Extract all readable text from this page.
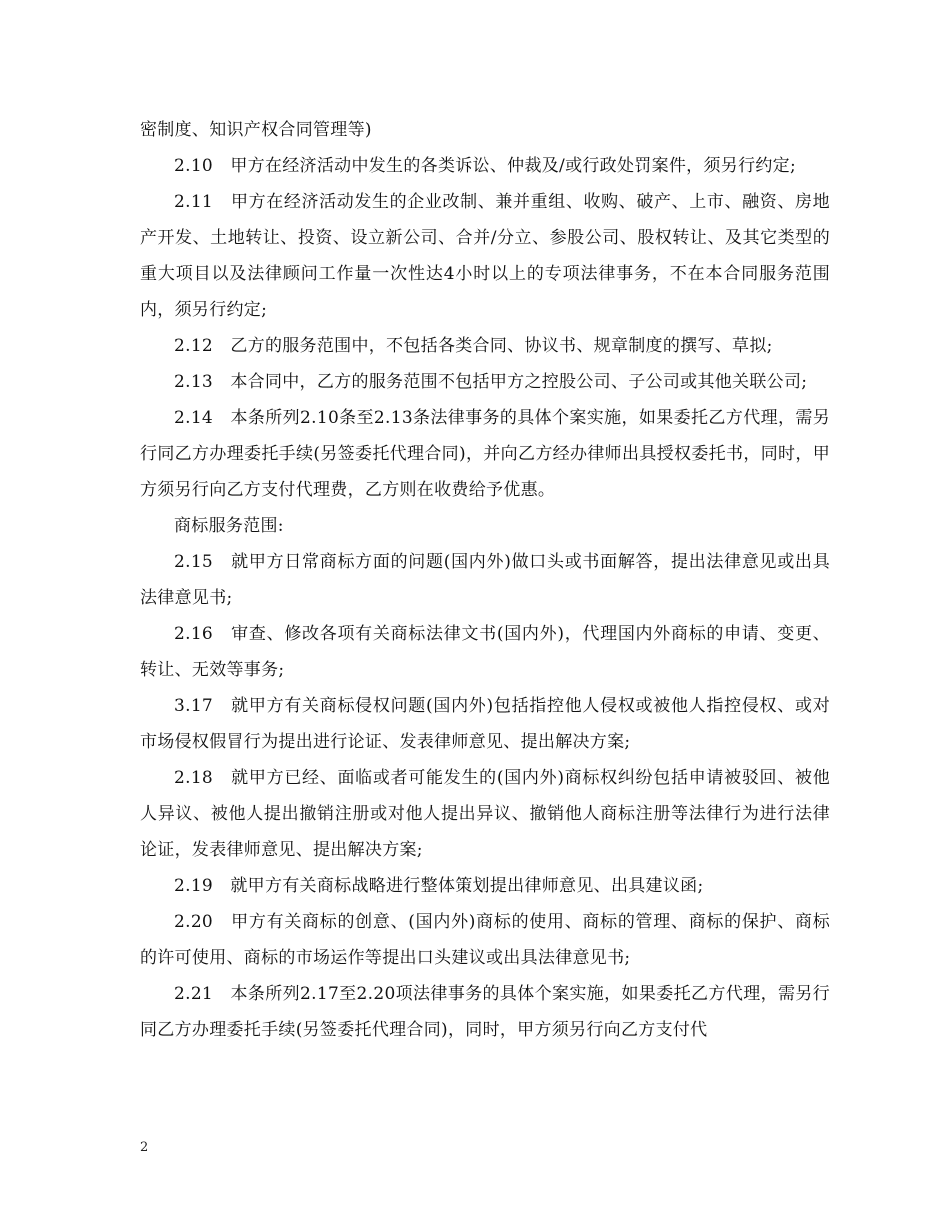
密制度、知识产权合同管理等)

2.10　甲方在经济活动中发生的各类诉讼、仲裁及/或行政处罚案件，须另行约定;

2.11　甲方在经济活动发生的企业改制、兼并重组、收购、破产、上市、融资、房地产开发、土地转让、投资、设立新公司、合并/分立、参股公司、股权转让、及其它类型的重大项目以及法律顾问工作量一次性达4小时以上的专项法律事务，不在本合同服务范围内，须另行约定;

2.12　乙方的服务范围中，不包括各类合同、协议书、规章制度的撰写、草拟;

2.13　本合同中，乙方的服务范围不包括甲方之控股公司、子公司或其他关联公司;

2.14　本条所列2.10条至2.13条法律事务的具体个案实施，如果委托乙方代理，需另行同乙方办理委托手续(另签委托代理合同)，并向乙方经办律师出具授权委托书，同时，甲方须另行向乙方支付代理费，乙方则在收费给予优惠。

商标服务范围:

2.15　就甲方日常商标方面的问题(国内外)做口头或书面解答，提出法律意见或出具法律意见书;

2.16　审查、修改各项有关商标法律文书(国内外)，代理国内外商标的申请、变更、转让、无效等事务;

3.17　就甲方有关商标侵权问题(国内外)包括指控他人侵权或被他人指控侵权、或对市场侵权假冒行为提出进行论证、发表律师意见、提出解决方案;

2.18　就甲方已经、面临或者可能发生的(国内外)商标权纠纷包括申请被驳回、被他人异议、被他人提出撤销注册或对他人提出异议、撤销他人商标注册等法律行为进行法律论证，发表律师意见、提出解决方案;

2.19　就甲方有关商标战略进行整体策划提出律师意见、出具建议函;

2.20　甲方有关商标的创意、(国内外)商标的使用、商标的管理、商标的保护、商标的许可使用、商标的市场运作等提出口头建议或出具法律意见书;

2.21　本条所列2.17至2.20项法律事务的具体个案实施，如果委托乙方代理，需另行同乙方办理委托手续(另签委托代理合同)，同时，甲方须另行向乙方支付代

2
